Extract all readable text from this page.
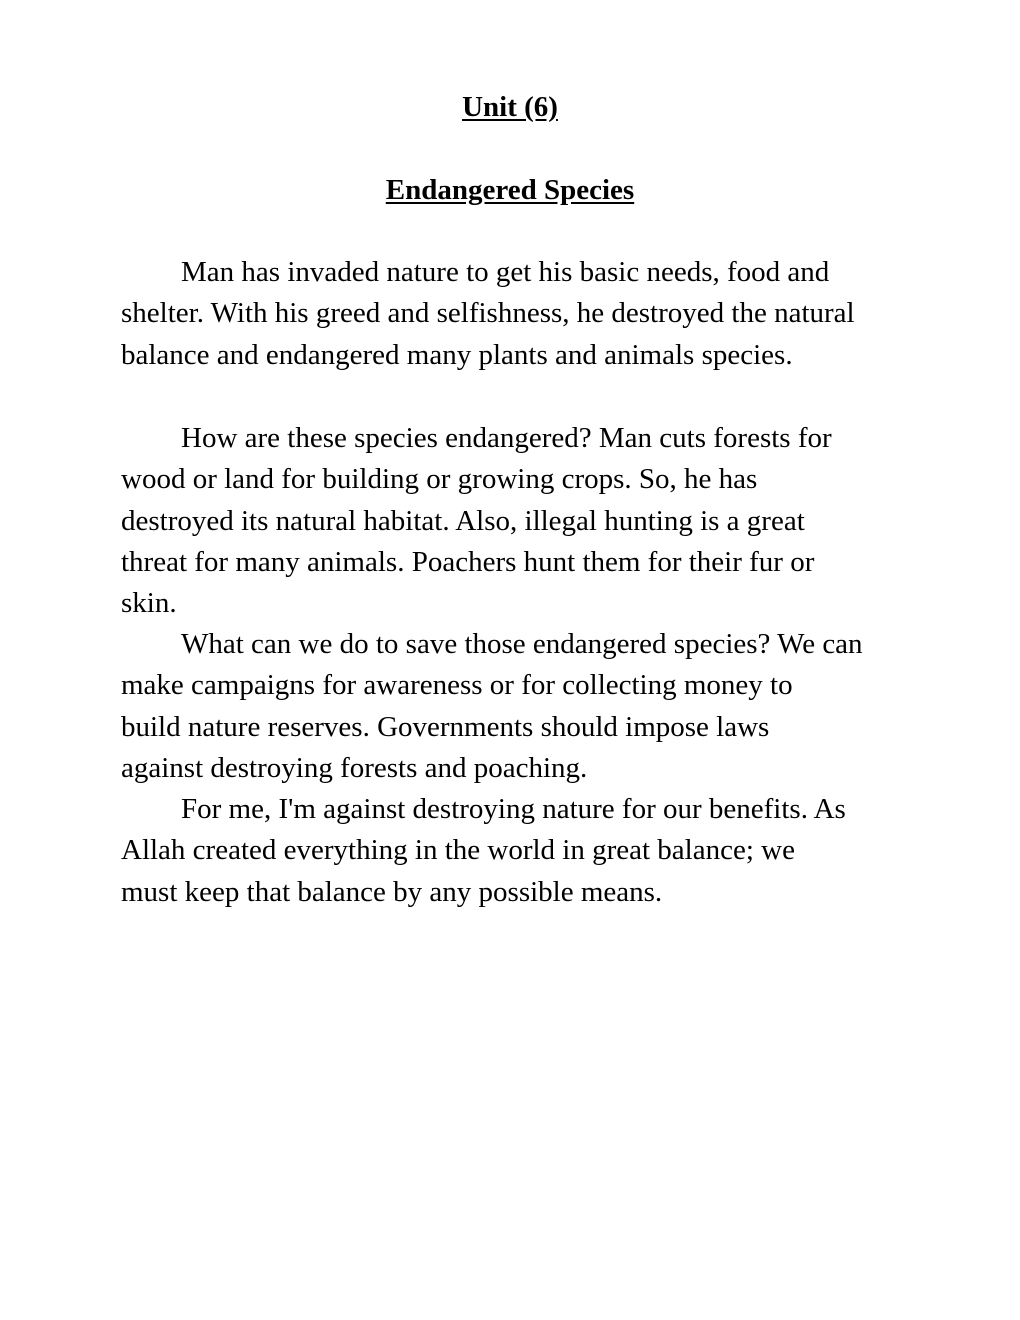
Unit (6)
Endangered Species

Man has invaded nature to get his basic needs, food and
shelter. With his greed and selfishness, he destroyed the natural
balance and endangered many plants and animals species.

How are these species endangered? Man cuts forests for
wood or land for building or growing crops. So, he has
destroyed its natural habitat. Also, illegal hunting is a great
threat for many animals. Poachers hunt them for their fur or
skin.

What can we do to save those endangered species? We can
make campaigns for awareness or for collecting money to
build nature reserves. Governments should impose laws
against destroying forests and poaching.

For me, I'm against destroying nature for our benefits. As
Allah created everything in the world in great balance; we
must keep that balance by any possible means.
